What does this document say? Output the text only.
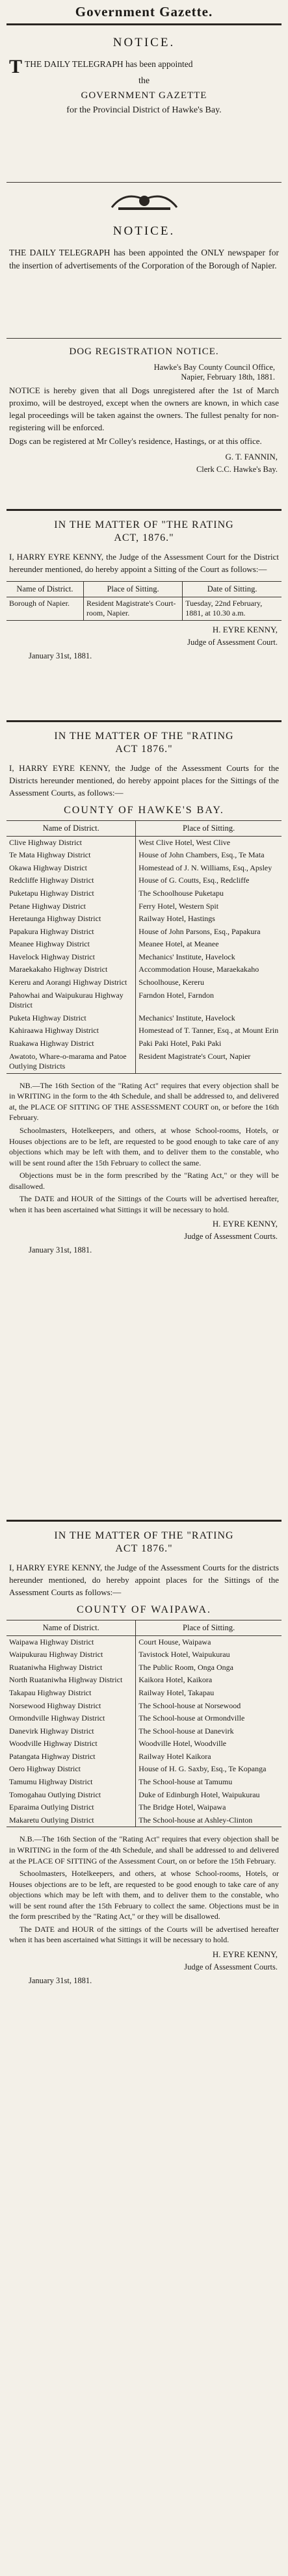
Government Gazette.
NOTICE.

TTHE DAILY TELEGRAPH has been appointed

the
GOVERNMENT GAZETTE
for the Provincial District of Hawke's Bay.
NOTICE.

THE DAILY TELEGRAPH has been appointed the ONLY newspaper for the insertion of advertisements of the Corporation of the Borough of Napier.

DOG REGISTRATION NOTICE.
Hawke's Bay County Council Office,
Napier, February 18th, 1881.

NOTICE is hereby given that all Dogs unregistered after the 1st of March proximo, will be destroyed, except when the owners are known, in which case legal proceedings will be taken against the owners. The fullest penalty for non-registering will be enforced.

Dogs can be registered at Mr Colley's residence, Hastings, or at this office.

G. T. FANNIN,
Clerk C.C. Hawke's Bay.
IN THE MATTER OF "THE RATING
ACT, 1876."

I, HARRY EYRE KENNY, the Judge of the Assessment Court for the District hereunder mentioned, do hereby appoint a Sitting of the Court as follows:—

Name of District.	Place of Sitting.	Date of Sitting.
Borough of Napier.	Resident Magistrate's Court-room, Napier.	Tuesday, 22nd February, 1881, at 10.30 a.m.
H. EYRE KENNY,
Judge of Assessment Court.
January 31st, 1881.
IN THE MATTER OF THE "RATING
ACT 1876."

I, HARRY EYRE KENNY, the Judge of the Assessment Courts for the Districts hereunder mentioned, do hereby appoint places for the Sittings of the Assessment Courts, as follows:—

COUNTY OF HAWKE'S BAY.
Name of District.	Place of Sitting.
Clive Highway District	West Clive Hotel, West Clive
Te Mata Highway District	House of John Chambers, Esq., Te Mata
Okawa Highway District	Homestead of J. N. Williams, Esq., Apsley
Redcliffe Highway District	House of G. Coutts, Esq., Redcliffe
Puketapu Highway District	The Schoolhouse Puketapu
Petane Highway District	Ferry Hotel, Western Spit
Heretaunga Highway District	Railway Hotel, Hastings
Papakura Highway District	House of John Parsons, Esq., Papakura
Meanee Highway District	Meanee Hotel, at Meanee
Havelock Highway District	Mechanics' Institute, Havelock
Maraekakaho Highway District	Accommodation House, Maraekakaho
Kereru and Aorangi Highway District	Schoolhouse, Kereru
Pahowhai and Waipukurau Highway District	Farndon Hotel, Farndon
Puketa Highway District	Mechanics' Institute, Havelock
Kahiraawa Highway District	Homestead of T. Tanner, Esq., at Mount Erin
Ruakawa Highway District	Paki Paki Hotel, Paki Paki
Awatoto, Whare-o-marama and Patoe Outlying Districts	Resident Magistrate's Court, Napier

NB.—The 16th Section of the "Rating Act" requires that every objection shall be in WRITING in the form to the 4th Schedule, and shall be addressed to, and delivered at, the PLACE OF SITTING OF THE ASSESSMENT COURT on, or before the 16th February.

Schoolmasters, Hotelkeepers, and others, at whose School-rooms, Hotels, or Houses objections are to be left, are requested to be good enough to take care of any objections which may be left with them, and to deliver them to the constable, who will be sent round after the 15th February to collect the same.

Objections must be in the form prescribed by the "Rating Act," or they will be disallowed.

The DATE and HOUR of the Sittings of the Courts will be advertised hereafter, when it has been ascertained what Sittings it will be necessary to hold.

H. EYRE KENNY,
Judge of Assessment Courts.
January 31st, 1881.
IN THE MATTER OF THE "RATING
ACT 1876."

I, HARRY EYRE KENNY, the Judge of the Assessment Courts for the districts hereunder mentioned, do hereby appoint places for the Sittings of the Assessment Courts as follows:—

COUNTY OF WAIPAWA.
Name of District.	Place of Sitting.
Waipawa Highway District	Court House, Waipawa
Waipukurau Highway District	Tavistock Hotel, Waipukurau
Ruataniwha Highway District	The Public Room, Onga Onga
North Ruataniwha Highway District	Kaikora Hotel, Kaikora
Takapau Highway District	Railway Hotel, Takapau
Norsewood Highway District	The School-house at Norsewood
Ormondville Highway District	The School-house at Ormondville
Danevirk Highway District	The School-house at Danevirk
Woodville Highway District	Woodville Hotel, Woodville
Patangata Highway District	Railway Hotel Kaikora
Oero Highway District	House of H. G. Saxby, Esq., Te Kopanga
Tamumu Highway District	The School-house at Tamumu
Tomogahau Outlying District	Duke of Edinburgh Hotel, Waipukurau
Eparaima Outlying District	The Bridge Hotel, Waipawa
Makaretu Outlying District	The School-house at Ashley-Clinton

N.B.—The 16th Section of the "Rating Act" requires that every objection shall be in WRITING in the form of the 4th Schedule, and shall be addressed to and delivered at the PLACE OF SITTING of the Assessment Court, on or before the 15th February.

Schoolmasters, Hotelkeepers, and others, at whose School-rooms, Hotels, or Houses objections are to be left, are requested to be good enough to take care of any objections which may be left with them, and to deliver them to the constable, who will be sent round after the 15th February to collect the same. Objections must be in the form prescribed by the "Rating Act," or they will be disallowed.

The DATE and HOUR of the sittings of the Courts will be advertised hereafter when it has been ascertained what Sittings it will be necessary to hold.

H. EYRE KENNY,
Judge of Assessment Courts.
January 31st, 1881.
